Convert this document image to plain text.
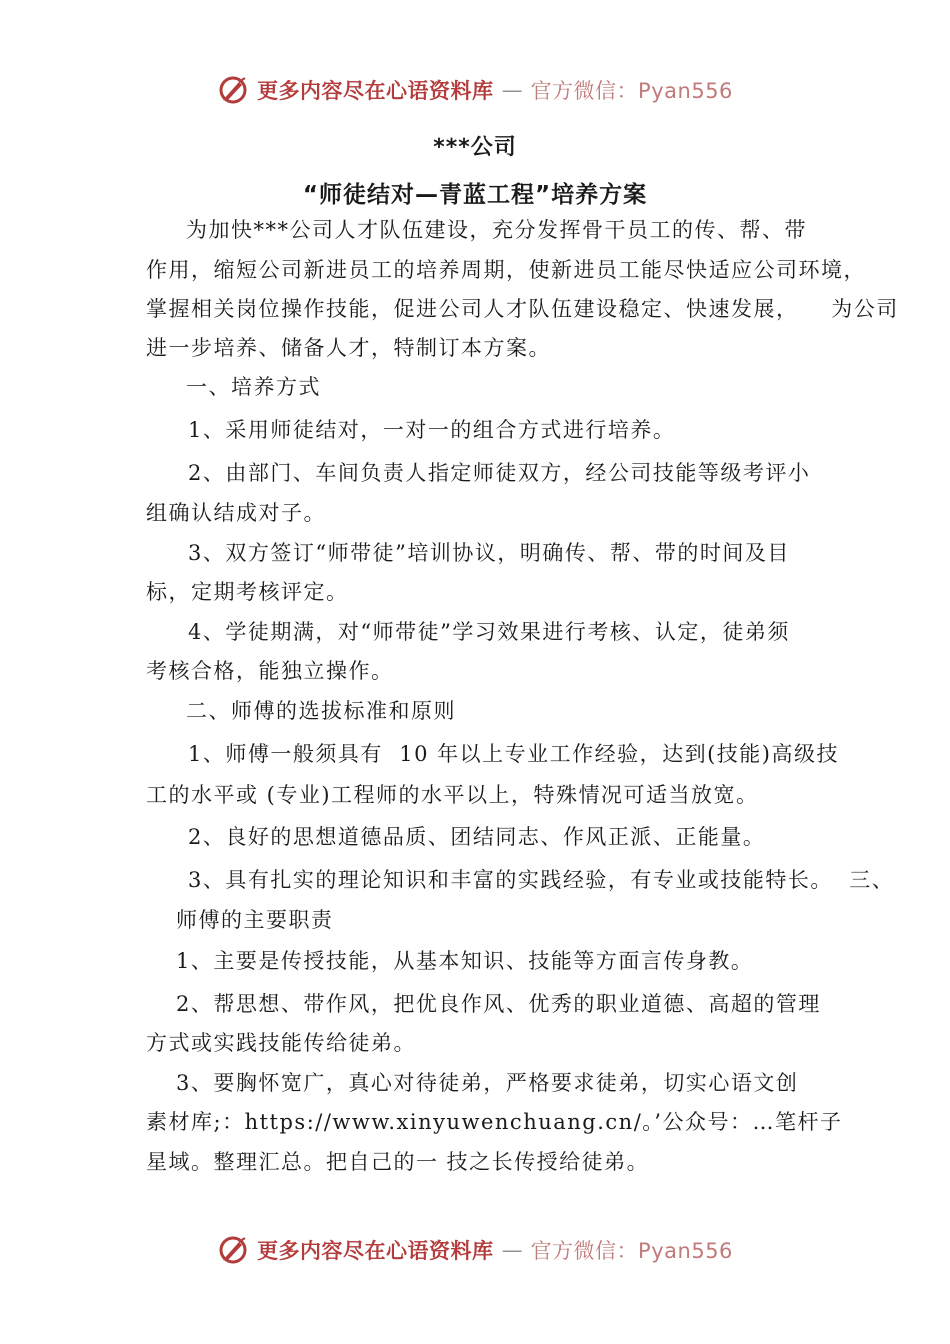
更多内容尽在心语资料库 — 官方微信：Pyan556
***公司
“师徒结对—青蓝工程”培养方案
为加快***公司人才队伍建设，充分发挥骨干员工的传、帮、带
作用，缩短公司新进员工的培养周期，使新进员工能尽快适应公司环境，
掌握相关岗位操作技能，促进公司人才队伍建设稳定、快速发展，    为公司
进一步培养、储备人才，特制订本方案。
一、培养方式
1、采用师徒结对，一对一的组合方式进行培养。
2、由部门、车间负责人指定师徒双方，经公司技能等级考评小
组确认结成对子。
3、双方签订“师带徒”培训协议，明确传、帮、带的时间及目
标，定期考核评定。
4、学徒期满，对“师带徒”学习效果进行考核、认定，徒弟须
考核合格，能独立操作。
二、师傅的选拔标准和原则
1、师傅一般须具有  10 年以上专业工作经验，达到(技能)高级技
工的水平或 (专业)工程师的水平以上，特殊情况可适当放宽。
2、良好的思想道德品质、团结同志、作风正派、正能量。
3、具有扎实的理论知识和丰富的实践经验，有专业或技能特长。  三、
师傅的主要职责
1、主要是传授技能，从基本知识、技能等方面言传身教。
2、帮思想、带作风，把优良作风、优秀的职业道德、高超的管理
方式或实践技能传给徒弟。
3、要胸怀宽广，真心对待徒弟，严格要求徒弟，切实心语文创
素材库;：https://www.xinyuwenchuang.cn/。’公众号：…笔杆子
星域。整理汇总。把自己的一 技之长传授给徒弟。
更多内容尽在心语资料库 — 官方微信：Pyan556
